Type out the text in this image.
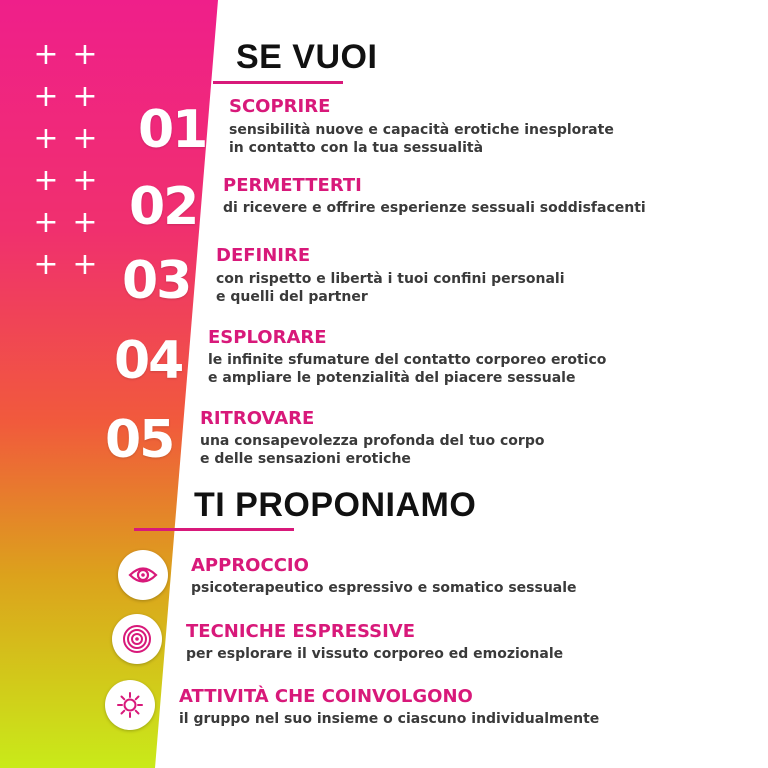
+ +
+ +
+ +
+ +
+ +
+ +
SE VUOI
01 SCOPRIRE
sensibilità nuove e capacità erotiche inesplorate
in contatto con la tua sessualità
02 PERMETTERTI
di ricevere e offrire esperienze sessuali soddisfacenti
03 DEFINIRE
con rispetto e libertà i tuoi confini personali
e quelli del partner
04 ESPLORARE
le infinite sfumature del contatto corporeo erotico
e ampliare le potenzialità del piacere sessuale
05 RITROVARE
una consapevolezza profonda del tuo corpo
e delle sensazioni erotiche
TI PROPONIAMO
APPROCCIO
psicoterapeutico espressivo e somatico sessuale
TECNICHE ESPRESSIVE
per esplorare il vissuto corporeo ed emozionale
ATTIVITÀ CHE COINVOLGONO
il gruppo nel suo insieme o ciascuno individualmente
